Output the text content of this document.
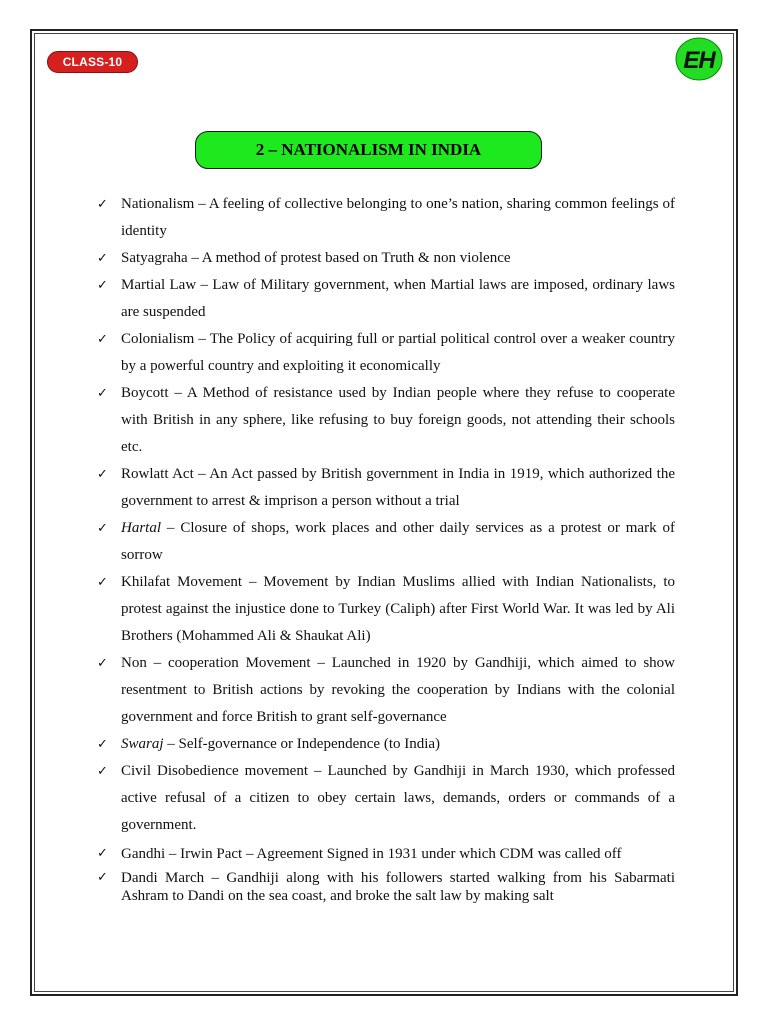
CLASS-10	EH
2 – NATIONALISM IN INDIA
✓ Nationalism – A feeling of collective belonging to one’s nation, sharing common feelings of identity
✓ Satyagraha – A method of protest based on Truth & non violence
✓ Martial Law – Law of Military government, when Martial laws are imposed, ordinary laws are suspended
✓ Colonialism – The Policy of acquiring full or partial political control over a weaker country by a powerful country and exploiting it economically
✓ Boycott – A Method of resistance used by Indian people where they refuse to cooperate with British in any sphere, like refusing to buy foreign goods, not attending their schools etc.
✓ Rowlatt Act – An Act passed by British government in India in 1919, which authorized the government to arrest & imprison a person without a trial
✓ Hartal – Closure of shops, work places and other daily services as a protest or mark of sorrow
✓ Khilafat Movement – Movement by Indian Muslims allied with Indian Nationalists, to protest against the injustice done to Turkey (Caliph) after First World War. It was led by Ali Brothers (Mohammed Ali & Shaukat Ali)
✓ Non – cooperation Movement – Launched in 1920 by Gandhiji, which aimed to show resentment to British actions by revoking the cooperation by Indians with the colonial government and force British to grant self-governance
✓ Swaraj – Self-governance or Independence (to India)
✓ Civil Disobedience movement – Launched by Gandhiji in March 1930, which professed active refusal of a citizen to obey certain laws, demands, orders or commands of a government.
✓ Gandhi – Irwin Pact – Agreement Signed in 1931 under which CDM was called off
✓ Dandi March – Gandhiji along with his followers started walking from his Sabarmati Ashram to Dandi on the sea coast, and broke the salt law by making salt
